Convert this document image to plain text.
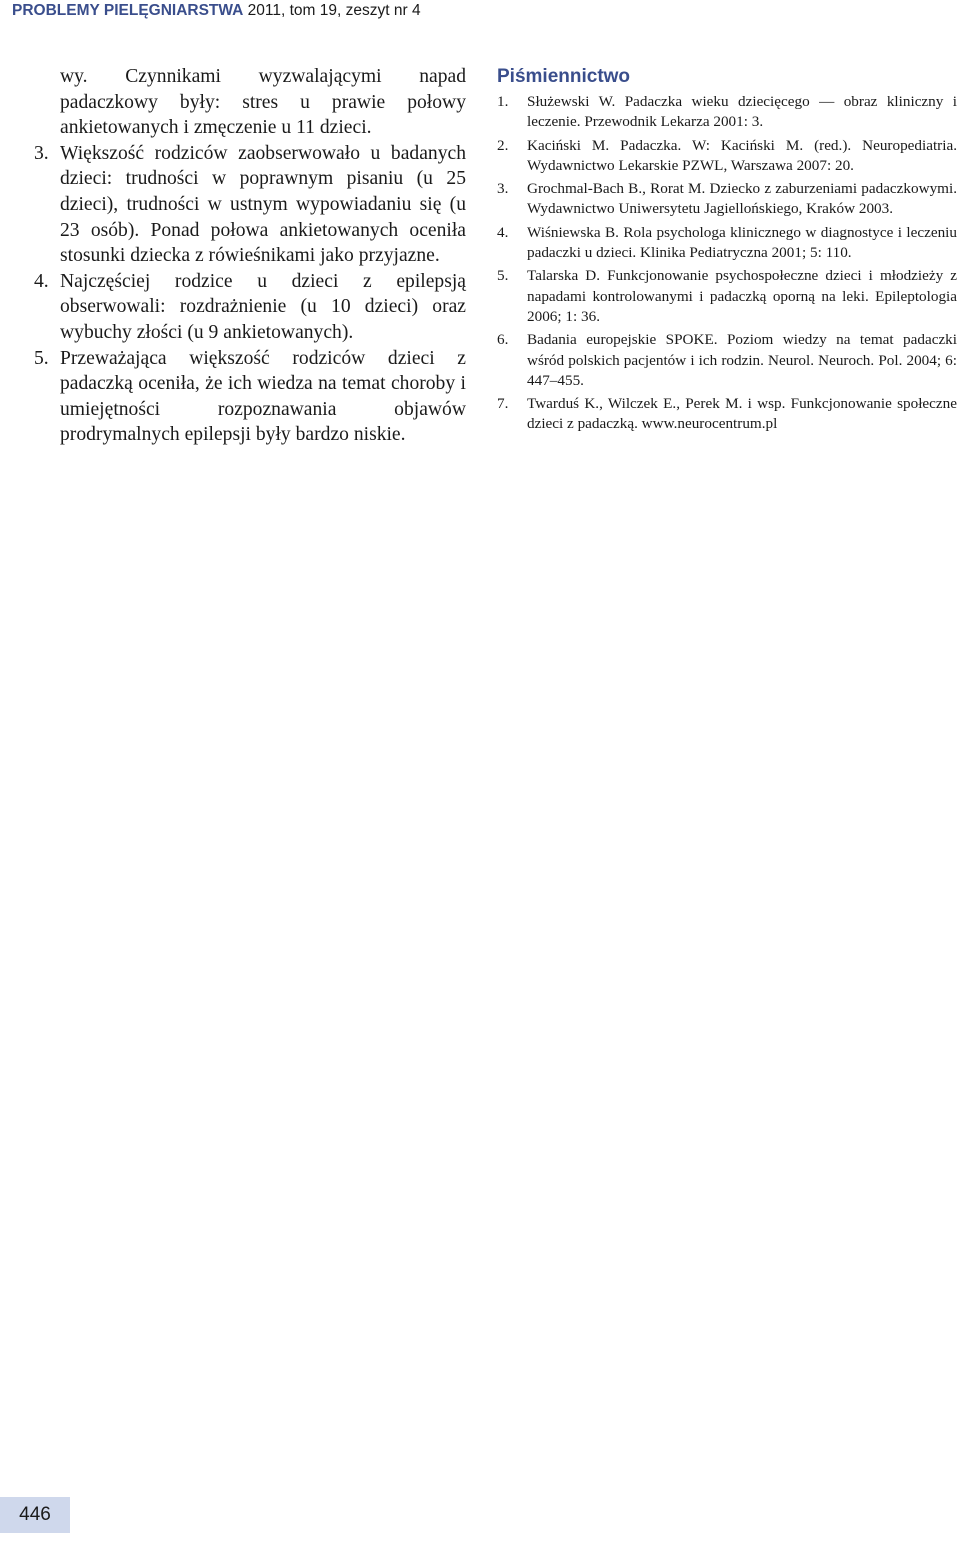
PROBLEMY PIELĘGNIARSTWA 2011, tom 19, zeszyt nr 4

wy. Czynnikami wyzwalającymi napad padaczkowy były: stres u prawie połowy ankietowanych i zmęczenie u 11 dzieci.

3. Większość rodziców zaobserwowało u badanych dzieci: trudności w poprawnym pisaniu (u 25 dzieci), trudności w ustnym wypowiadaniu się (u 23 osób). Ponad połowa ankietowanych oceniła stosunki dziecka z rówieśnikami jako przyjazne.

4. Najczęściej rodzice u dzieci z epilepsją obserwowali: rozdrażnienie (u 10 dzieci) oraz wybuchy złości (u 9 ankietowanych).

5. Przeważająca większość rodziców dzieci z padaczką oceniła, że ich wiedza na temat choroby i umiejętności rozpoznawania objawów prodrymalnych epilepsji były bardzo niskie.

Piśmiennictwo
1. Służewski W. Padaczka wieku dziecięcego — obraz kliniczny i leczenie. Przewodnik Lekarza 2001: 3.
2. Kaciński M. Padaczka. W: Kaciński M. (red.). Neuropediatria. Wydawnictwo Lekarskie PZWL, Warszawa 2007: 20.
3. Grochmal-Bach B., Rorat M. Dziecko z zaburzeniami padaczkowymi. Wydawnictwo Uniwersytetu Jagiellońskiego, Kraków 2003.
4. Wiśniewska B. Rola psychologa klinicznego w diagnostyce i leczeniu padaczki u dzieci. Klinika Pediatryczna 2001; 5: 110.
5. Talarska D. Funkcjonowanie psychospołeczne dzieci i młodzieży z napadami kontrolowanymi i padaczką oporną na leki. Epileptologia 2006; 1: 36.
6. Badania europejskie SPOKE. Poziom wiedzy na temat padaczki wśród polskich pacjentów i ich rodzin. Neurol. Neuroch. Pol. 2004; 6: 447–455.
7. Twarduś K., Wilczek E., Perek M. i wsp. Funkcjonowanie społeczne dzieci z padaczką. www.neurocentrum.pl
446
